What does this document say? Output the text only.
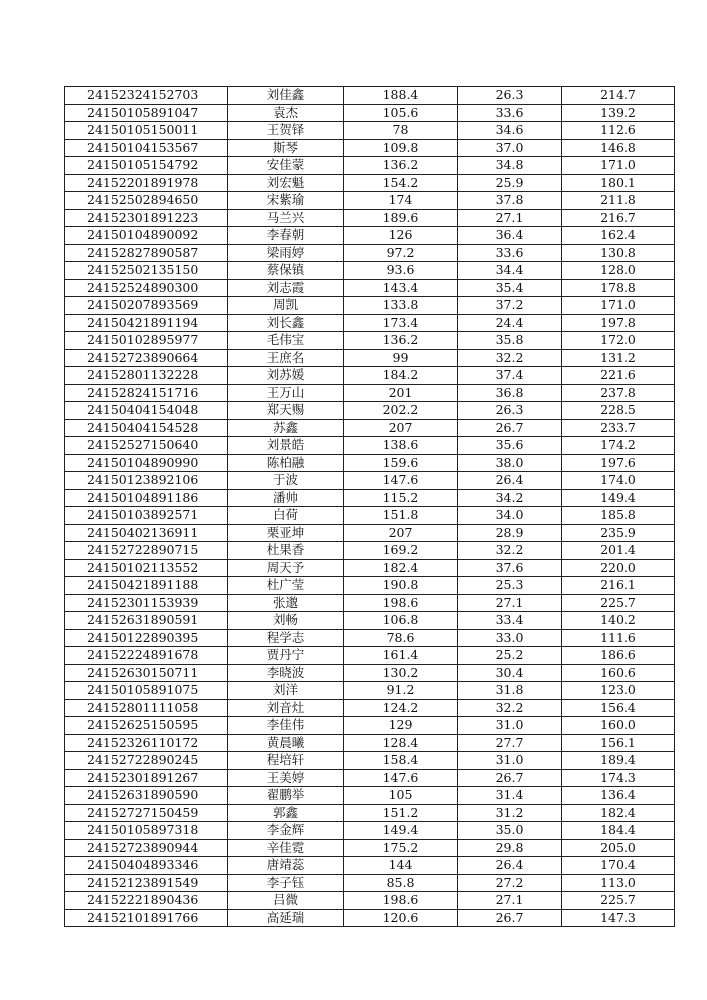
24152324152703	刘佳鑫	188.4	26.3	214.7
24150105891047	袁杰	105.6	33.6	139.2
24150105150011	王贺铎	78	34.6	112.6
24150104153567	斯琴	109.8	37.0	146.8
24150105154792	安佳蒙	136.2	34.8	171.0
24152201891978	刘宏魁	154.2	25.9	180.1
24152502894650	宋紫瑜	174	37.8	211.8
24152301891223	马兰兴	189.6	27.1	216.7
24150104890092	李春朝	126	36.4	162.4
24152827890587	梁雨婷	97.2	33.6	130.8
24152502135150	蔡保镇	93.6	34.4	128.0
24152524890300	刘志霞	143.4	35.4	178.8
24150207893569	周凯	133.8	37.2	171.0
24150421891194	刘长鑫	173.4	24.4	197.8
24150102895977	毛伟宝	136.2	35.8	172.0
24152723890664	王庶名	99	32.2	131.2
24152801132228	刘苏媛	184.2	37.4	221.6
24152824151716	王万山	201	36.8	237.8
24150404154048	郑天赐	202.2	26.3	228.5
24150404154528	苏鑫	207	26.7	233.7
24152527150640	刘景皓	138.6	35.6	174.2
24150104890990	陈柏融	159.6	38.0	197.6
24150123892106	于波	147.6	26.4	174.0
24150104891186	潘帅	115.2	34.2	149.4
24150103892571	白荷	151.8	34.0	185.8
24150402136911	栗亚坤	207	28.9	235.9
24152722890715	杜果香	169.2	32.2	201.4
24150102113552	周天予	182.4	37.6	220.0
24150421891188	杜广莹	190.8	25.3	216.1
24152301153939	张邈	198.6	27.1	225.7
24152631890591	刘畅	106.8	33.4	140.2
24150122890395	程学志	78.6	33.0	111.6
24152224891678	贾丹宁	161.4	25.2	186.6
24152630150711	李晓波	130.2	30.4	160.6
24150105891075	刘洋	91.2	31.8	123.0
24152801111058	刘音灶	124.2	32.2	156.4
24152625150595	李佳伟	129	31.0	160.0
24152326110172	黄晨曦	128.4	27.7	156.1
24152722890245	程培轩	158.4	31.0	189.4
24152301891267	王美婷	147.6	26.7	174.3
24152631890590	翟鹏举	105	31.4	136.4
24152727150459	郭鑫	151.2	31.2	182.4
24150105897318	李金辉	149.4	35.0	184.4
24152723890944	辛佳霓	175.2	29.8	205.0
24150404893346	唐靖蕊	144	26.4	170.4
24152123891549	李子钰	85.8	27.2	113.0
24152221890436	吕微	198.6	27.1	225.7
24152101891766	高延瑞	120.6	26.7	147.3
